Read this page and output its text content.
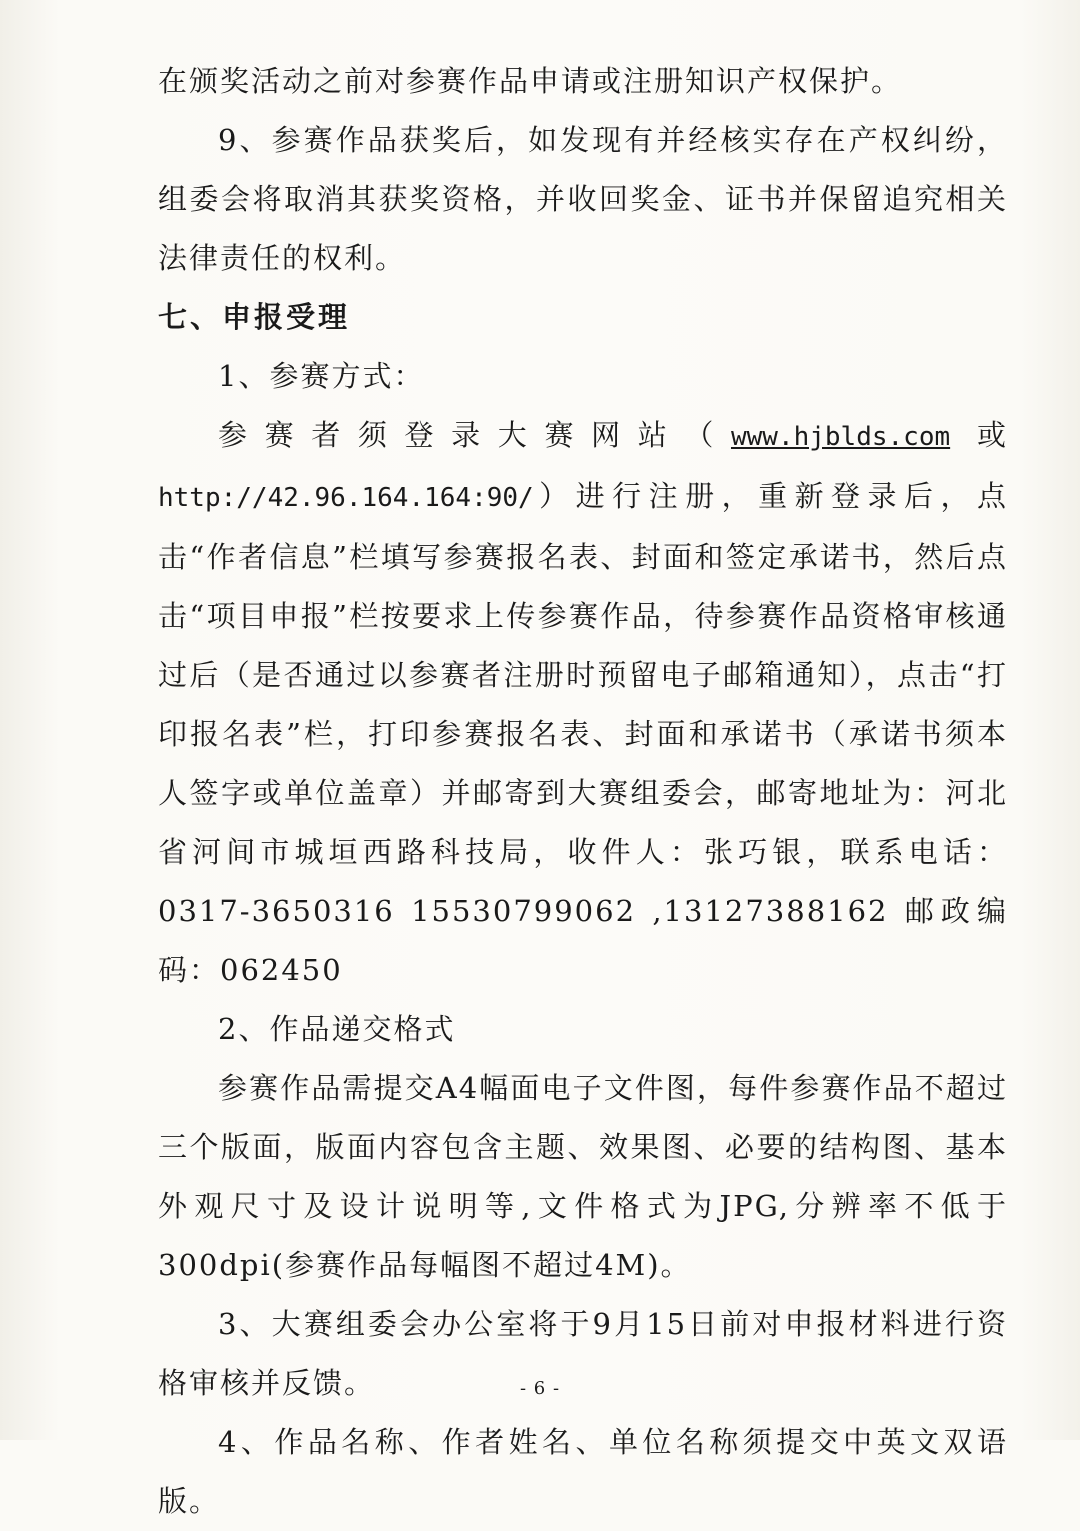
在颁奖活动之前对参赛作品申请或注册知识产权保护。

9、参赛作品获奖后，如发现有并经核实存在产权纠纷，组委会将取消其获奖资格，并收回奖金、证书并保留追究相关法律责任的权利。

七、申报受理

1、参赛方式：

参赛者须登录大赛网站（www.hjblds.com 或http://42.96.164.164:90/）进行注册，重新登录后，点击“作者信息”栏填写参赛报名表、封面和签定承诺书，然后点击“项目申报”栏按要求上传参赛作品，待参赛作品资格审核通过后（是否通过以参赛者注册时预留电子邮箱通知），点击“打印报名表”栏，打印参赛报名表、封面和承诺书（承诺书须本人签字或单位盖章）并邮寄到大赛组委会，邮寄地址为：河北省河间市城垣西路科技局，收件人：张巧银，联系电话：0317-3650316 15530799062 ,13127388162 邮政编码：062450

2、作品递交格式

参赛作品需提交A4幅面电子文件图，每件参赛作品不超过三个版面，版面内容包含主题、效果图、必要的结构图、基本外观尺寸及设计说明等,文件格式为JPG,分辨率不低于300dpi(参赛作品每幅图不超过4M)。

3、大赛组委会办公室将于9月15日前对申报材料进行资格审核并反馈。

4、作品名称、作者姓名、单位名称须提交中英文双语版。

- 6 -
